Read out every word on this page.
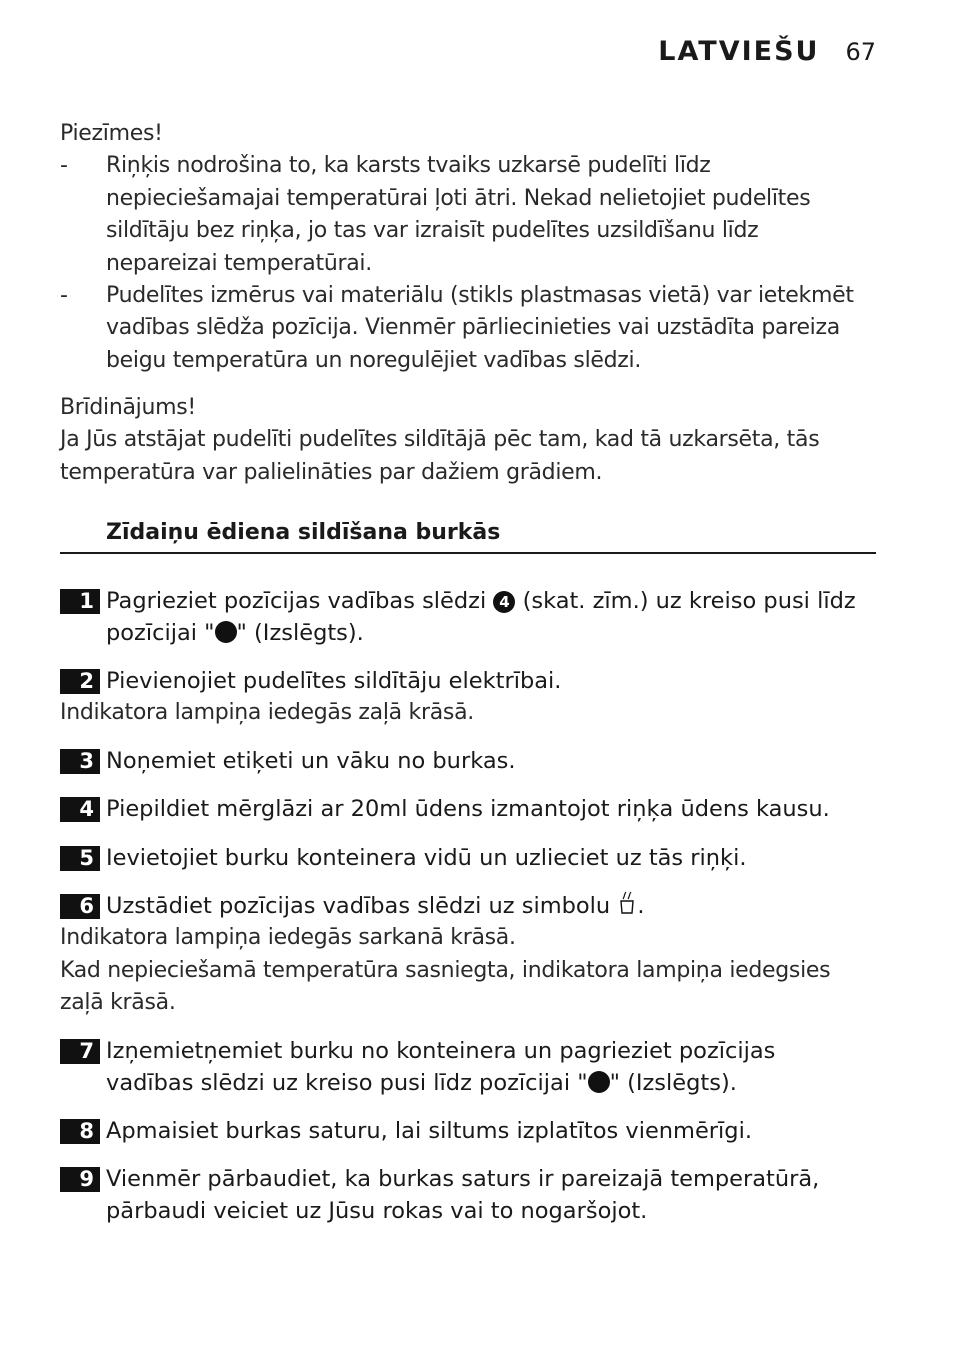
LATVIEŠU 67
Piezīmes!
- Riņķis nodrošina to, ka karsts tvaiks uzkarsē pudelīti līdz
nepieciešamajai temperatūrai ļoti ātri. Nekad nelietojiet pudelītes
sildītāju bez riņķa, jo tas var izraisīt pudelītes uzsildīšanu līdz
nepareizai temperatūrai.
- Pudelītes izmērus vai materiālu (stikls plastmasas vietā) var ietekmēt
vadības slēdža pozīcija. Vienmēr pārliecinieties vai uzstādīta pareiza
beigu temperatūra un noregulējiet vadības slēdzi.
Brīdinājums!
Ja Jūs atstājat pudelīti pudelītes sildītājā pēc tam, kad tā uzkarsēta, tās
temperatūra var palielināties par dažiem grādiem.
Zīdaiņu ēdiena sildīšana burkās
1 Pagrieziet pozīcijas vadības slēdzi 4 (skat. zīm.) uz kreiso pusi līdz
pozīcijai " " (Izslēgts).
2 Pievienojiet pudelītes sildītāju elektrībai.
Indikatora lampiņa iedegās zaļā krāsā.
3 Noņemiet etiķeti un vāku no burkas.
4 Piepildiet mērglāzi ar 20ml ūdens izmantojot riņķa ūdens kausu.
5 Ievietojiet burku konteinera vidū un uzlieciet uz tās riņķi.
6 Uzstādiet pozīcijas vadības slēdzi uz simbolu .
Indikatora lampiņa iedegās sarkanā krāsā.
Kad nepieciešamā temperatūra sasniegta, indikatora lampiņa iedegsies
zaļā krāsā.
7 Izņemietņemiet burku no konteinera un pagrieziet pozīcijas
vadības slēdzi uz kreiso pusi līdz pozīcijai " " (Izslēgts).
8 Apmaisiet burkas saturu, lai siltums izplatītos vienmērīgi.
9 Vienmēr pārbaudiet, ka burkas saturs ir pareizajā temperatūrā,
pārbaudi veiciet uz Jūsu rokas vai to nogaršojot.
